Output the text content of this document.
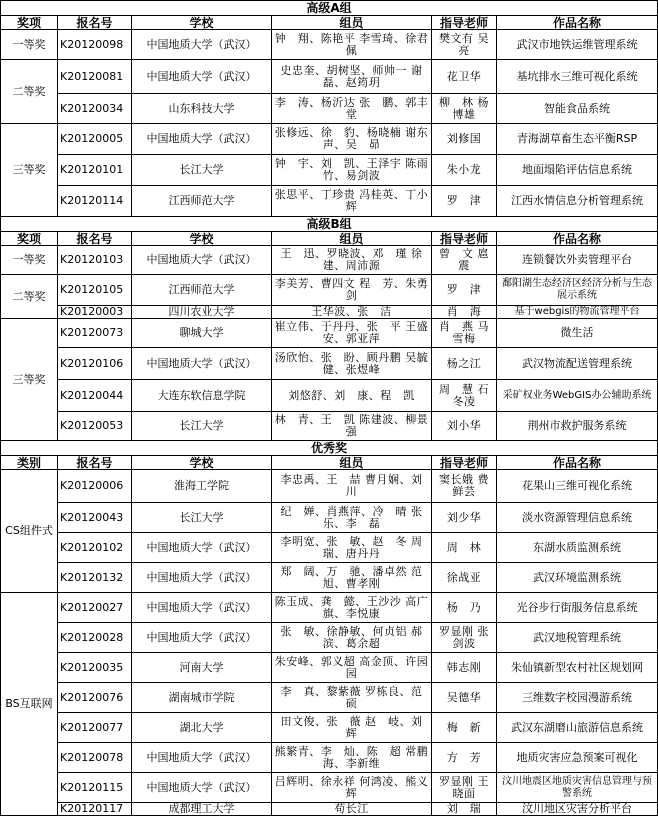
高级A组					
奖项	报名号	学校	组员	指导老师	作品名称
一等奖	K20120098	中国地质大学（武汉）	钟　翔、陈艳平 李雪琦、徐君佩	樊文有 吴　亮	武汉市地铁运维管理系统
二等奖	K20120081	中国地质大学（武汉）	史忠奎、胡树坚、师帅一 谢　磊、赵筠玥	花卫华	基坑排水三维可视化系统
	K20120034	山东科技大学	李　涛、杨沂达 张　鹏、郭丰堂	柳　林 杨博雄	智能食品系统
三等奖	K20120005	中国地质大学（武汉）	张修远、徐　豹、杨晓楠 谢东声、吴　昴	刘修国	青海湖草畜生态平衡RSP
	K20120101	长江大学	钟　宇、刘　凯、王泽宇 陈雨竹、易剑波	朱小龙	地面塌陷评估信息系统
	K20120114	江西师范大学	张思平、丁珍贵 冯桂英、丁小辉	罗　津	江西水情信息分析管理系统
高级B组					
奖项	报名号	学校	组员	指导老师	作品名称
一等奖	K20120103	中国地质大学（武汉）	王　迅、罗晓波、邓　瑾 徐　建、周沛源	曾　文 扈　震	连锁餐饮外卖管理平台
二等奖	K20120105	江西师范大学	李美芳、曹四文 程　芳、朱勇剑	罗　津	鄱阳湖生态经济区经济分析与生态展示系统
	K20120003	四川农业大学	王华波、张　洁	肖　海	基于webgis的物流管理平台
三等奖	K20120073	聊城大学	崔立伟、于丹丹、张　平 王盛安、郭亚萍	肖　燕 马雪梅	微生活
	K20120106	中国地质大学（武汉）	汤欣怡、张　盼、顾丹鹏 吴毓健、张煜峰	杨之江	武汉物流配送管理系统
	K20120044	大连东软信息学院	刘悠舒、刘　康、程　凯	周　慧 石冬凌	采矿权业务WebGIS办公辅助系统
	K20120053	长江大学	林　青、王　凯 陈建波、柳景强	刘小华	荆州市救护服务系统
优秀奖					
类别	报名号	学校	组员	指导老师	作品名称
CS组件式	K20120006	淮海工学院	李忠禹、王　喆 曹月娴、刘　川	窦长娥 费鲜芸	花果山三维可视化系统
	K20120043	长江大学	纪　婵、肖燕萍、冷　晴 张　乐、李　磊	刘少华	淡水资源管理信息系统
	K20120102	中国地质大学（武汉）	李明宽、张　敏、赵　冬 周　瑞、唐丹丹	周　林	东湖水质监测系统
	K20120132	中国地质大学（武汉）	郑　阔、万　驰、潘卓然 范　旭、曹孝刚	徐战亚	武汉环境监测系统
BS互联网	K20120027	中国地质大学（武汉）	陈玉成、龚　懿、王沙沙 高广旗、李悦康	杨　乃	光谷步行街服务信息系统
	K20120028	中国地质大学（武汉）	张　敏、徐静敏、何贞铝 郝　滨、葛余超	罗显刚 张剑波	武汉地税管理系统
	K20120035	河南大学	朱安峰、郭义超 高金顶、许园园	韩志刚	朱仙镇新型农村社区规划网
	K20120076	湖南城市学院	李　真、黎紫薇 罗栋良、范　硕	吴德华	三维数字校园漫游系统
	K20120077	湖北大学	田文俊、张　薇 赵　岐、刘　辉	梅　新	武汉东湖磨山旅游信息系统
	K20120078	中国地质大学（武汉）	熊繁青、李　灿、陈　超 常鹏海、李新维	方　芳	地质灾害应急预案可视化
	K20120115	中国地质大学（武汉）	吕辉明、徐永祥 何鸿凌、熊义辉	罗显刚 王晓面	汶川地震区地质灾害信息管理与预警系统
	K20120117	成都理工大学	苟长江	刘　瑞	汶川地区灾害分析平台
